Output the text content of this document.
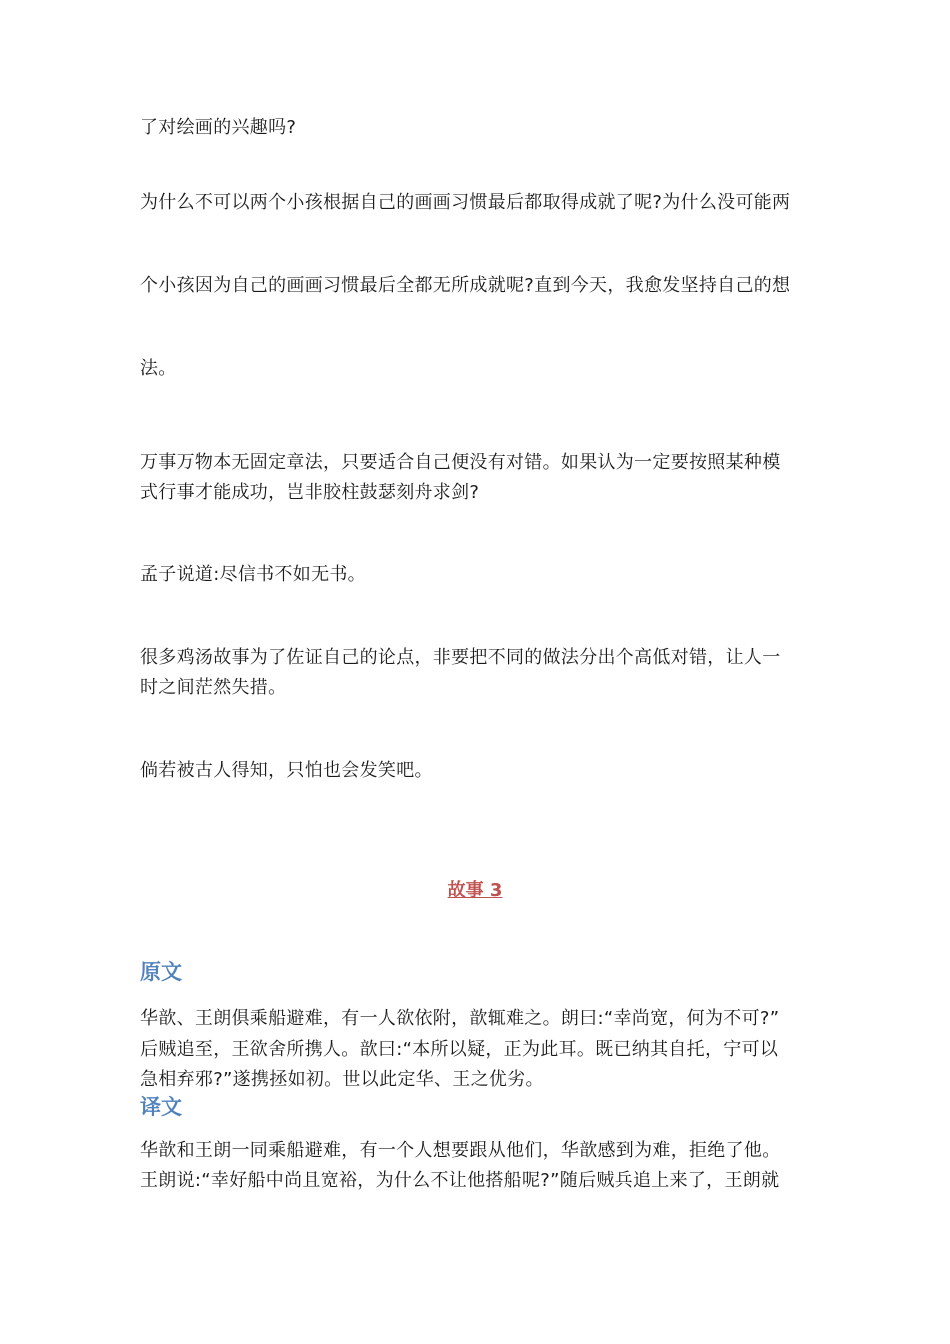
了对绘画的兴趣吗?
为什么不可以两个小孩根据自己的画画习惯最后都取得成就了呢?为什么没可能两
个小孩因为自己的画画习惯最后全都无所成就呢?直到今天，我愈发坚持自己的想
法。
万事万物本无固定章法，只要适合自己便没有对错。如果认为一定要按照某种模
式行事才能成功，岂非胶柱鼓瑟刻舟求剑?
孟子说道:尽信书不如无书。
很多鸡汤故事为了佐证自己的论点，非要把不同的做法分出个高低对错，让人一
时之间茫然失措。
倘若被古人得知，只怕也会发笑吧。
故事 3
原文
华歆、王朗俱乘船避难，有一人欲依附，歆辄难之。朗曰:“幸尚宽，何为不可?”
后贼追至，王欲舍所携人。歆曰:“本所以疑，正为此耳。既已纳其自托，宁可以
急相弃邪?”遂携拯如初。世以此定华、王之优劣。
译文
华歆和王朗一同乘船避难，有一个人想要跟从他们，华歆感到为难，拒绝了他。
王朗说:“幸好船中尚且宽裕，为什么不让他搭船呢?”随后贼兵追上来了，王朗就
